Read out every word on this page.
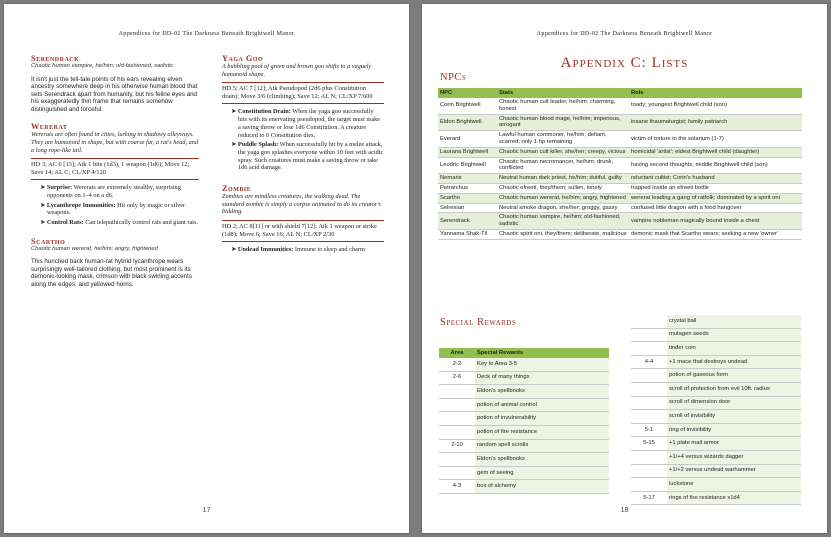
Appendices for DD-02 The Darkness Beneath Brightwell Manor
Serendrack
Chaotic human vampire, he/him; old-fashioned, sadistic
It isn't just the tell-tale points of his ears revealing elven ancestry somewhere deep in his otherwise human blood that sets Serendrack apart from humanity, but his feline eyes and his exaggeratedly thin frame that remains somehow distinguished and forceful.
Wererat
Wererats are often found in cities, lurking in shadowy alleyways. They are humanoid in shape, but with coarse fur, a rat's head, and a long rope-like tail.
HD 3; AC 6 [13]; Atk 1 bite (1d3), 1 weapon (1d6); Move 12; Save 14; AL C; CL/XP 4/120
➤ Surprise: Wererats are extremely stealthy, surprising opponents on 1–4 on a d6.
➤ Lycanthrope Immunities: Hit only by magic or silver weapons.
➤ Control Rats: Can telepathically control rats and giant rats.
Scartho
Chaotic human wererat, he/him; angry, frightened
This hunched back human-rat hybrid lycanthrope wears surprisingly well-tailored clothing, but most prominent is its demonic-looking mask, crimson with black swirling accents along the edges, and yellowed horns.
Yaga Goo
A bubbling pool of green and brown goo shifts to a vaguely humanoid shape.
HD 5; AC 7 [12]; Atk Pseudopod (2d6 plus Constitution drain); Move 3/6 (climbing); Save 12; AL N; CL/XP 7/600
➤ Constitution Drain: When the yaga goo successfully hits with its enervating pseudopod, the target must make a saving throw or lose 1d6 Constitution. A creature reduced to 0 Constitution dies.
➤ Puddle Splash: When successfully hit by a melee attack, the yaga goo splashes everyone within 10 feet with acidic spray. Such creatures must make a saving throw or take 1d6 acid damage.
Zombie
Zombies are mindless creatures, the walking dead. The standard zombie is simply a corpse animated to do its creator's bidding.
HD 2; AC 8[11] or with shield 7[12]; Atk 1 weapon or strike (1d8); Move 6; Save 16; AL N; CL/XP 2/30
➤ Undead Immunities: Immune to sleep and charm
17
Appendices for DD-02 The Darkness Beneath Brightwell Manor
Appendix C: Lists
NPCs
NPC	Stats	Role
Corin Brightwell	Chaotic human cult leader, he/him; charming, honest	toady; youngest Brightwell child (son)
Eldon Brightwell	Chaotic human blood mage, he/him; imperious, arrogant	insane thaumaturgist; family patriarch
Everard	Lawful human commoner, he/him; defiant, scarred; only 1 hp remaining	victim of torture in the solarium (1-7)
Laurana Brightwell	Chaotic human cult killer, she/her; creepy, vicious	homicidal 'artist'; eldest Brightwell child (daughter)
Leodric Brightwell	Chaoitc human necromancer, he/him; drunk, conflicted	having second thoughts; middle Brightwell child (son)
Nemaris	Neutral human dark priest, he/him; dutiful, guilty	reluctant cultist; Corin's husband
Petrarchus	Chaotic efreeti, they/them; sullen, lonely	trapped inside an efreeti bottle
Scartho	Chaotic human wererat, he/him; angry, frightened	wererat leading a gang of ratfolk; dominated by a spirit oni
Selrexian	Neutral smoke dragon, she/her; groggy, gassy	confused little dragon with a food hangover
Serendrack	Chaotic human vampire, he/him; old-fashioned, sadistic	vampire nobleman magically bound inside a chest
Yannama Shak-Til	Chaotic spirit oni, they/them; deliberate, malicious	demonic mask that Scartho wears; seeking a new 'owner'
Special Rewards
Area	Special Rewards
2-2	Key to Area 3-5
2-6	Deck of many things
	Eldon's spellbooks
	potion of animal control
	potion of invulnerability
	potion of fire resistance
2-10	random spell scrolls
	Eldon's spellbooks
	gem of seeing
4-3	box of alchemy
	crystal ball
	mutagen seeds
	tinder coin
4-4	+1 mace that destroys undead
	potion of gaseous form
	scroll of protection from evil 10ft. radius
	scroll of dimension door
	scroll of invisibility
5-1	ring of invisibility
5-15	+1 plate mail armor
	+1/+4 versus wizards dagger
	+1/+2 versus undead warhammer
	luckstone
5-17	rings of fire resistance x1d4
18
